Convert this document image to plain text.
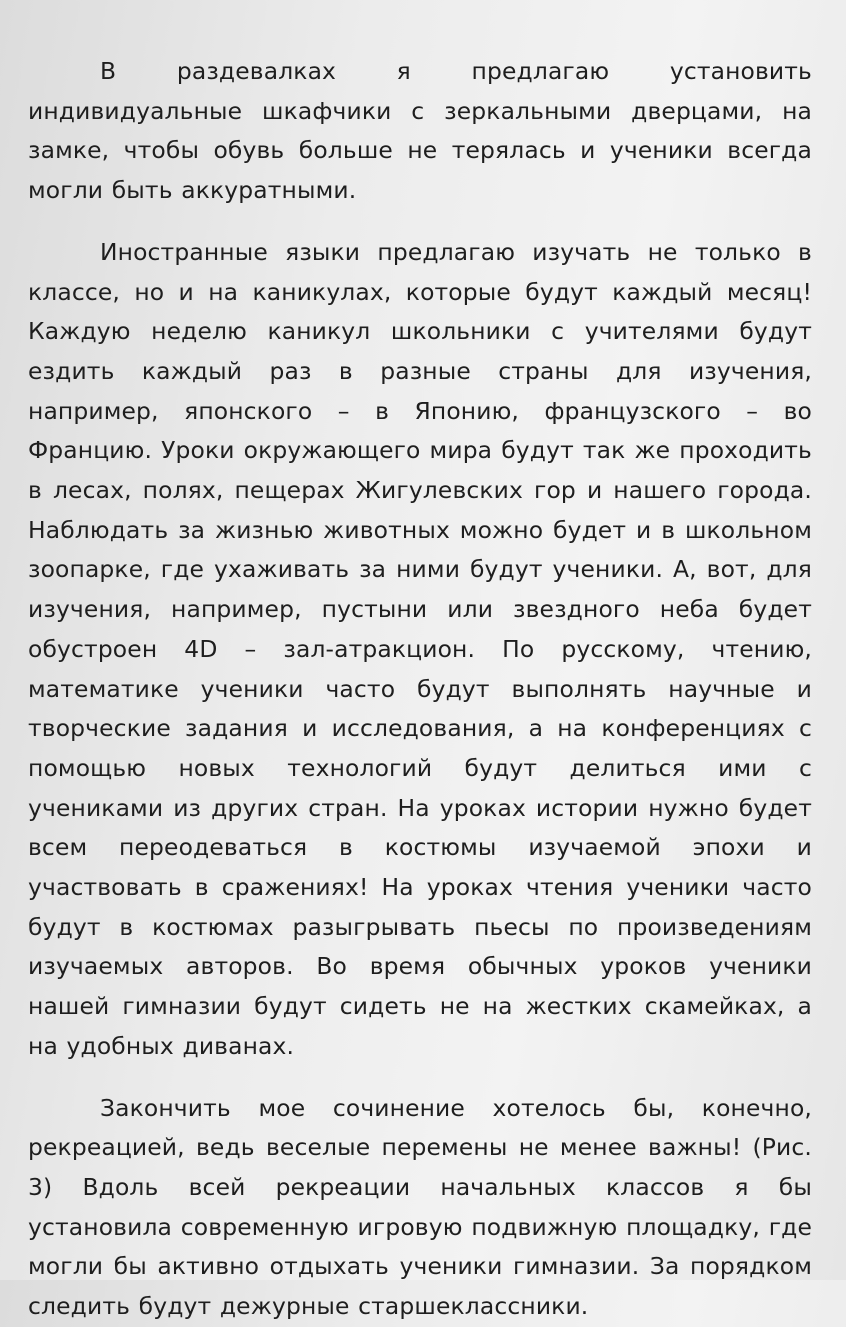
В раздевалках я предлагаю установить индивидуальные шкафчики с зеркальными дверцами, на замке, чтобы обувь больше не терялась и ученики всегда могли быть аккуратными.

Иностранные языки предлагаю изучать не только в классе, но и на каникулах, которые будут каждый месяц! Каждую неделю каникул школьники с учителями будут ездить каждый раз в разные страны для изучения, например, японского – в Японию, французского – во Францию. Уроки окружающего мира будут так же проходить в лесах, полях, пещерах Жигулевских гор и нашего города. Наблюдать за жизнью животных можно будет и в школьном зоопарке, где ухаживать за ними будут ученики. А, вот, для изучения, например, пустыни или звездного неба будет обустроен 4D – зал-атракцион. По русскому, чтению, математике ученики часто будут выполнять научные и творческие задания и исследования, а на конференциях с помощью новых технологий будут делиться ими с учениками из других стран. На уроках истории нужно будет всем переодеваться в костюмы изучаемой эпохи и участвовать в сражениях! На уроках чтения ученики часто будут в костюмах разыгрывать пьесы по произведениям изучаемых авторов. Во время обычных уроков ученики нашей гимназии будут сидеть не на жестких скамейках, а на удобных диванах.

Закончить мое сочинение хотелось бы, конечно, рекреацией, ведь веселые перемены не менее важны! (Рис. 3) Вдоль всей рекреации начальных классов я бы установила современную игровую подвижную площадку, где могли бы активно отдыхать ученики гимназии. За порядком следить будут дежурные старшеклассники.
